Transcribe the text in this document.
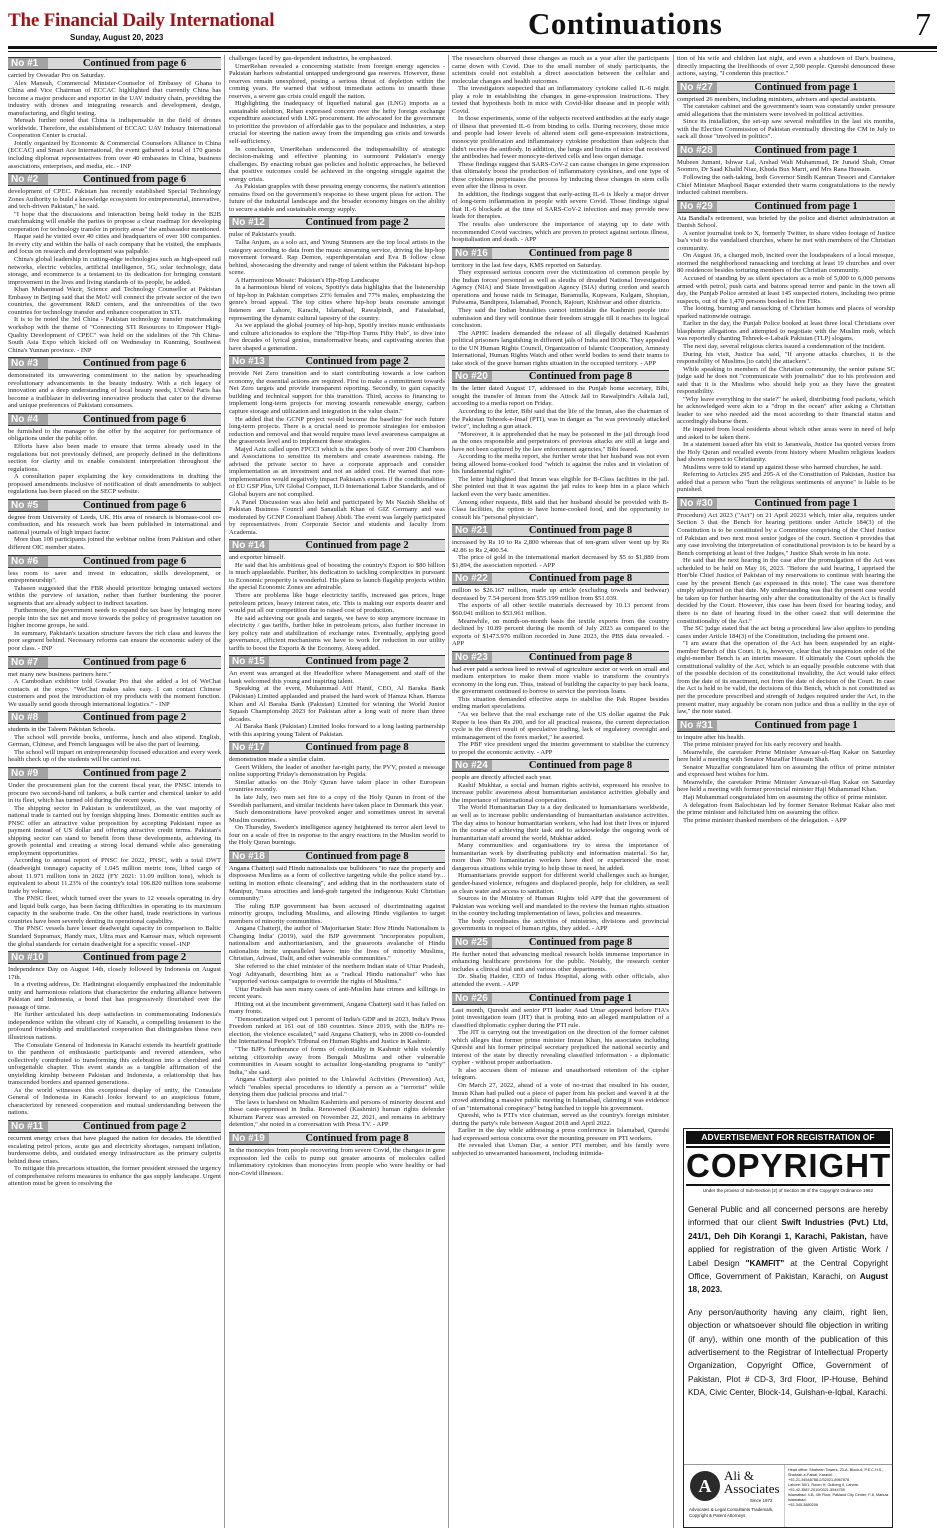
The Financial Daily International
Sunday, August 20, 2023	Continuations	7
No #1	Continued from page 6

carried by Oswadar Pro on Saturday.

Alex Mansuh, Commercial Minister-Counselor of Embassy of Ghana to China and Vice Chairman of ECCAC highlighted that currently China has become a major producer and exporter in the UAV industry chain, providing the industry with drones and integrating research and development, design, manufacturing, and flight testing.

Mensah further noted that China is indispensable in the field of drones worldwide. Therefore, the establishment of ECCAC UAV Industry International Cooperation Center is crucial.

Jointly organized by Economic & Commercial Counselors Alliance in China (ECCAC) and Smart Ace International, the event gathered a total of 170 guests including diplomat representatives from over 40 embassies in China, business associations, enterprises, and media, etc. - INP

No #2	Continued from page 6

development of CPEC. Pakistan has recently established Special Technology Zones Authority to build a knowledge ecosystem for entrepreneurial, innovative, and tech-driven Pakistan," he said.

"I hope that the discussions and interaction being held today in the B2B matchmaking will enable the parties to propose a clear roadmap for developing cooperation for technology transfer in priority areas" the ambassador mentioned.

Haque said he visited over 40 cities and headquarters of over 100 companies. In every city and within the halls of each company that he visited, the emphasis and focus on research and development was palpable.

China's global leadership in cutting-edge technologies such as high-speed rail networks, electric vehicles, artificial intelligence, 5G, solar technology, data storage, and ecommerce is a testament to its dedication for bringing constant improvement in the lives and living standards of its people, he added.

Khan Muhammad Wazir, Science and Technology Counsellor at Pakistan Embassy in Beijing said that the MoU will connect the private sector of the two countries, the government R&D centers, and the universities of the two countries for technology transfer and enhance cooperation in STI.

It is to be noted the 3rd China - Pakistan technology transfer matchmaking workshop with the theme of "Connecting STI Resources to Empower High-Quality Development of CPEC" was held on the sidelines of the 7th China-South Asia Expo which kicked off on Wednesday in Kunming, Southwest China's Yunnan province. - INP

No #3	Continued from page 6

demonstrated its unwavering commitment to the nation by spearheading revolutionary advancements in the beauty industry. With a rich legacy of innovation and a deep understanding of local beauty needs, L'Oréal Paris has become a trailblazer in delivering innovative products that cater to the diverse and unique preferences of Pakistani consumers.

No #4	Continued from page 6

be furnished to the manager to the offer by the acquirer for performance of obligations under the public offer.

Efforts have also been made to ensure that terms already used in the regulations but not previously defined, are properly defined in the definitions section for clarity and to enable consistent interpretation throughout the regulations.

A consultation paper explaining the key considerations in drafting the proposed amendments inclusive of notification of draft amendments to subject regulations has been placed on the SECP website.

No #5	Continued from page 6

degree from University of Leeds, UK. His area of research is biomass-cool co-combustion, and his research work has been published in international and national journals of high impact factor.

More than 100 participants joined the webinar online from Pakistan and other different OIC member states.

No #6	Continued from page 6

less room to save and invest in education, skills development, or entrepreneurship".

Tahseen suggested that the FBR should prioritize bringing untaxed sectors within the purview of taxation, rather than further burdening the poorer segments that are already subject to indirect taxation.

Furthermore, the government needs to expand the tax base by bringing more people into the tax net and move towards the policy of progressive taxation on higher income groups, he said.

In summary, Pakistan's taxation structure favors the rich class and leaves the poor segment behind. Necessary reforms can ensure the economic safety of the poor class. - INP

No #7	Continued from page 6

met many new business partners here."

A Cambodian exhibitor told Gwadar Pro that she added a lot of WeChat contacts at the expo. "WeChat makes sales easy. I can contact Chinese customers and post the introduction of my products with the moment function. We usually send goods through international logistics." - INP

No #8	Continued from page 2

students in the Taleem Pakistan Schools.

The school will provide books, uniforms, lunch and also stipend. English, German, Chinese, and French languages will be also the part of learning.

The school will impart on entrepreneurship focused education and every week health check up of the students will be carried out.

No #9	Continued from page 2

Under the procurement plan for the current fiscal year, the PNSC intends to procure two second-hand oil tankers, a bulk carrier and chemical tanker to add in its fleet, which has turned old during the recent years.

The shipping sector in Pakistan is underutilized, as the vast majority of national trade is carried out by foreign shipping lines. Domestic entities such as PNSC offer an attractive value proposition by accepting Pakistani rupee as payment instead of US dollar and offering attractive credit terms. Pakistan's shipping sector can stand to benefit from these developments, achieving its growth potential and creating a strong local demand while also generating employment opportunities.

According to annual report of PNSC for 2022, PNSC, with a total DWT (deadweight tonnage) capacity of 1.045 million metric tons, lifted cargo of about 11.971 million tons in 2022 (FY 2021: 11.09 million tons), which is equivalent to about 11.23% of the country's total 106.820 million tons seaborne trade by volume.

The PNSC fleet, which turned over the years to 12 vessels operating in dry and liquid bulk cargo, has been facing difficulties in operating to its maximum capacity in the seaborne trade. On the other hand, trade restrictions in various countries have been severely denting its operational capability.

The PNSC vessels have lesser deadweight capacity in comparison to Baltic Standard Supramax, Handy max, Ultra max and Kamsar max, which represent the global standards for certain deadweight for a specific vessel.-INP

No #10	Continued from page 2

Independence Day on August 14th, closely followed by Indonesia on August 17th.

In a riveting address, Dr. Hadiningrat eloquently emphasized the indomitable unity and harmonious relations that characterize the enduring alliance between Pakistan and Indonesia, a bond that has progressively flourished over the passage of time.

He further articulated his deep satisfaction in commemorating Indonesia's independence within the vibrant city of Karachi, a compelling testament to the profound friendship and multifaceted cooperation that distinguishes these two illustrious nations.

The Consulate General of Indonesia in Karachi extends its heartfelt gratitude to the pantheon of enthusiastic participants and revered attendees, who collectively contributed to transforming this celebration into a cherished and unforgettable chapter. This event stands as a tangible affirmation of the unyielding kinship between Pakistan and Indonesia, a relationship that has transcended borders and spanned generations.

As the world witnesses this exceptional display of unity, the Consulate General of Indonesia in Karachi looks forward to an auspicious future, characterized by renewed cooperation and mutual understanding between the nations.

No #11	Continued from page 2

recurrent energy crises that have plagued the nation for decades. He identified escalating petrol prices, acute gas and electricity shortages, rampant inflation, burdensome debts, and outdated energy infrastructure as the primary culprits behind these crises.

To mitigate this precarious situation, the former president stressed the urgency of comprehensive reform measures to enhance the gas supply landscape. Urgent attention must be given to resolving the

challenges faced by gas-dependent industries, he emphasized.

UmerRehan revealed a concerning statistic from foreign energy agencies - Pakistan harbors substantial untapped underground gas reserves. However, these reserves remain unexplored, posing a serious threat of depletion within the coming years. He warned that without immediate actions to unearth these reserves, a severe gas crisis could engulf the nation.

Highlighting the inadequacy of liquefied natural gas (LNG) imports as a sustainable solution, Rehan expressed concern over the hefty foreign exchange expenditure associated with LNG procurement. He advocated for the government to prioritize the provision of affordable gas to the populace and industries, a step crucial for steering the nation away from the impending gas crisis and towards self-sufficiency.

In conclusion, UmerRehan underscored the indispensability of strategic decision-making and effective planning to surmount Pakistan's energy challenges. By enacting robust gas policies and holistic approaches, he believed that positive outcomes could be achieved in the ongoing struggle against the energy crisis.

As Pakistan grapples with these pressing energy concerns, the nation's attention remains fixed on the government's response to these urgent pleas for action. The future of the industrial landscape and the broader economy hinges on the ability to secure a stable and sustainable energy supply.

No #12	Continued from page 2

pulse of Pakistan's youth.

Talha Anjum, as a solo act, and Young Stunners are the top local artists in the category according to data from the music streaming service, driving the hip-hop movement forward. Rap Demon, superduperstalan and Eva B follow close behind, showcasing the diversity and range of talent within the Pakistani hip-hop scene.

A Harmonious Mosaic: Pakistan's Hip-Hop Landscape

In a harmonious blend of voices, Spotify's data highlights that the listenership of hip-hop in Pakistan comprises 23% females and 77% males, emphasizing the genre's broad appeal. The top cities where hip-hop beats resonate amongst listeners are Lahore, Karachi, Islamabad, Rawalpindi, and Faisalabad, representing the dynamic cultural tapestry of the country.

As we applaud the global journey of hip-hop, Spotify invites music enthusiasts and culture aficionados to explore the "Hip-Hop Turns Fifty Hub", to dive into five decades of lyrical genius, transformative beats, and captivating stories that have shaped a generation.

No #13	Continued from page 2

provide Net Zero transition and to start contributing towards a low carbon economy, the essential actions are required. First to make a commitment towards Net Zero targets and provide transparent reporting. Secondly, to gain capacity building and technical support for this transition. Third, access to financing to implement long-term projects for moving towards renewable energy, carbon capture storage and utilization and integration in the value chain."

He added that the GCNP project would become the baseline for such future long-term projects. There is a crucial need to promote strategies for emission reduction and removal and that would require mass level awareness campaigns at the grassroots level and to implement these strategies.

Majyd Aziz called upon FPCCI which is the apex body of over 200 Chambers and Associations to sensitize its members and create awareness raising. He advised the private sector to have a corporate approach and consider implementation as an investment and not an added cost. He warned that non-implementation would negatively impact Pakistan's exports if the conditionalities of EU GSP Plus, UN Global Compact, ILO International Labor Standards, and of Global buyers are not complied.

A Panel Discussion was also held and participated by Ms Nazish Shekha of Pakistan Business Council and Sanaullah Khan of GIZ Germany and was moderated by GCNP Consultant Dabeej Abidi. The event was largely participated by representatives from Corporate Sector and students and faculty from Academia.

No #14	Continued from page 2

and exporter himself.

He said that his ambitious goal of boosting the country's Export to $80 billion is much applaudable. Further, his dedication to tackling complexities in pursuant to Economic prosperity is wonderful. His plans to launch flagship projects within the special Economic Zones are admirable.

There are problems like huge electricity tariffs, increased gas prices, huge petroleum prices, heavy interest rates, etc. This is making our exports dearer and would put all our competition due to raised cost of production.

He said achieving our goals and targets, we have to stop anymore increase in electricity / gas tariffs, further hike in petroleum prices, also further increase in key policy rate and stabilization of exchange rates. Eventually, applying good governance, efficient mechanisms we have to work for reduction in our utility tariffs to boost the Exports & the Economy, Ateeq added.

No #15	Continued from page 2

An event was arranged at the Headoffice where Management and staff of the bank welcomed this young and inspiring talent.

Speaking at the event, Muhammad Atif Hanif, CEO, Al Baraka Bank (Pakistan) Limited applauded and praised the hard work of Hamza Khan. Hamza Khan and Al Baraka Bank (Pakistan) Limited for winning the World Junior Squash Championship 2023 for Pakistan after a long wait of more than three decades.

Al Baraka Bank (Pakistan) Limited looks forward to a long lasting partnership with this aspiring young Talent of Pakistan.

No #17	Continued from page 8

demonstration made a similar claim.

Geert Wilders, the leader of another far-right party, the PVV, posted a message online supporting Friday's demonstration by Pegida.

Similar attacks on the Holy Quran have taken place in other European countries recently.

In late July, two men set fire to a copy of the Holy Quran in front of the Swedish parliament, and similar incidents have taken place in Denmark this year.

Such demonstrations have provoked anger and sometimes unrest in several Muslim countries.

On Thursday, Sweden's intelligence agency heightened its terror alert level to four on a scale of five in response to the angry reactions in the Muslim world to the Holy Quran burnings.

No #18	Continued from page 8

Angana Chatterji said Hindu nationalists use bulldozers "to raze the property and dispossess Muslims as a form of collective targeting while the police stand by... setting in motion ethnic cleansing", and adding that in the northeastern state of Manipur, "mass atrocities and land-grab targeted the indigenous Kuki Christian community."

The ruling BJP government has been accused of discriminating against minority groups, including Muslims, and allowing Hindu vigilantes to target members of minority communities.

Angana Chatterji, the author of 'Majoritarian State: How Hindu Nationalism is Changing India' (2019), said the BJP government "incorporates populism, nationalism and authoritarianism, and the grassroots avalanche of Hindu nationalists incite unparalleled havoc into the lives of minority Muslims, Christian, Adivasi, Dalit, and other vulnerable communities."

She referred to the chief minister of the northern Indian state of Uttar Pradesh, Yogi Adityanath, describing him as a "radical Hindu nationalist" who has "supported various campaigns to override the rights of Muslims."

Uttar Pradesh has seen many cases of anti-Muslim hate crimes and killings in recent years.

Hitting out at the incumbent government, Angana Chatterji said it has failed on many fronts.

"Demonetization wiped out 1 percent of India's GDP and in 2023, India's Press Freedom ranked at 161 out of 180 countries. Since 2019, with the BJP's re-election, the violence escalated," said Angana Chatterji, who in 2008 co-founded the International People's Tribunal on Human Rights and Justice in Kashmir.

"The BJP's furtherance of forms of coloniality in Kashmir while violently seizing citizenship away from Bengali Muslims and other vulnerable communities in Assam sought to actualize long-standing programs to "unify" India," she said.

Angana Chatterji also pointed to the Unlawful Activities (Prevention) Act, which "enables special procedures to identify a person as a "terrorist" while denying them due judicial process and trial."

The laws is harshest on Muslim Kashmiris and persons of minority descent and those caste-oppressed in India. Renowned (Kashmiri) human rights defender Khurram Parvez was arrested on November 22, 2021, and remains in arbitrary detention," she noted in a conversation with Press TV. - APP

No #19	Continued from page 8

In the monocytes from people recovering from severe Covid, the changes in gene expression led the cells to pump out greater amounts of molecules called inflammatory cytokines than monocytes from people who were healthy or had non-Covid illnesses.

The researchers observed these changes as much as a year after the participants came down with Covid. Due to the small number of study participants, the scientists could not establish a direct association between the cellular and molecular changes and health outcomes.

The investigators suspected that an inflammatory cytokine called IL-6 might play a role in establishing the changes in gene-expression instructions. They tested that hypothesis both in mice with Covid-like disease and in people with Covid.

In those experiments, some of the subjects received antibodies at the early stage of illness that prevented IL-6 from binding to cells. During recovery, those mice and people had lower levels of altered stem cell gene-expression instructions, monocyte proliferation and inflammatory cytokine production than subjects that didn't receive the antibody. In addition, the lungs and brains of mice that received the antibodies had fewer monocyte-derived cells and less organ damage.

These findings suggest that SARS-CoV-2 can cause changes in gene expression that ultimately boost the production of inflammatory cytokines, and one type of those cytokines perpetuates the process by inducing these changes in stem cells even after the illness is over.

In addition, the findings suggest that early-acting IL-6 is likely a major driver of long-term inflammation in people with severe Covid. Those findings signal that IL-6 blockade at the time of SARS-CoV-2 infection and may provide new leads for therapies.

The results also underscore the importance of staying up to date with recommended Covid vaccines, which are proven to protect against serious illness, hospitalisation and death. - APP

No #16	Continued from page 8

territory in the last few days, KMS reported on Saturday.

They expressed serious concern over the victimization of common people by the Indian forces' personnel as well as sleuths of dreaded National Investigation Agency (NIA) and State Investigation Agency (SIA) during cordon and search operations and house raids in Srinagar, Baramulla, Kupwara, Kulgam, Shopian, Pulwama, Bandipora, Islamabad, Poonch, Rajouri, Kishtwar and other districts.

They said the Indian brutalities cannot intimidate the Kashmiri people into submission and they will continue their freedom struggle till it reaches its logical conclusion.

The APHC leaders demanded the release of all illegally detained Kashmiri political prisoners languishing in different jails of India and IIOJK. They appealed to the UN Human Rights Council, Organization of Islamic Cooperation, Amnesty International, Human Rights Watch and other world bodies to send their teams to take stock of the grave human rights situation in the occupied territory. - APP

No #20	Continued from page 8

In the letter dated August 17, addressed to the Punjab home secretary, Bibi, sought the transfer of Imran from the Attock Jail to Rawalpindi's Adiala Jail, according to a media report on Friday.

According to the letter, Bibi said that the life of the Imran, also the chairman of the Pakistan Tehreek-e-Insaf (PTI), was in danger as "he was previously attacked twice", including a gun attack.

"Moreover, it is apprehended that he may be poisoned in the jail through food as the ones responsible and perpetrators of previous attacks are still at large and have not been captured by the law enforcement agencies," Bibi feared.

According to the media report, she further wrote that her husband was not even being allowed home-cooked food "which is against the rules and in violation of his fundamental rights".

The letter highlighted that Imran was eligible for B-Class facilities in the jail. She pointed out that it was against the jail rules to keep him in a place which lacked even the very basic amenities.

Among other requests, Bibi said that her husband should be provided with B-Class facilities, the option to have home-cooked food, and the opportunity to consult his "personal physician".

No #21	Continued from page 8

increased by Rs 10 to Rs 2,800 whereas that of ten-gram silver went up by Rs 42.86 to Rs 2,400.54.

The price of gold in the international market decreased by $5 to $1,889 from $1,894, the association reported. - APP

No #22	Continued from page 8

million to $26.167 million, made up article (excluding towels and bedwear) decreased by 7.54 percent from $55.199 million from $51.039.

The exports of all other textile materials decreased by 10.13 percent from $60.041 million to $53.961 million.

Meanwhile, on month-on-month basis the textile exports from the country declined by 10.89 percent during the month of July 2023 as compared to the exports of $1473.976 million recorded in June 2023, the PBS data revealed. - APP

No #23	Continued from page 8

had ever paid a serious heed to revival of agriculture sector or work on small and medium enterprises to make them more viable to transform the country's economy in the long run. Thus, instead of building the capacity to pay back loans, the government continued to borrow to service the previous loans.

This situation demanded effective steps to stabilise the Pak Rupee besides ending market speculations.

"As we believe that the real exchange rate of the US dollar against the Pak Rupee is less than Rs 200, and for all practical reasons, the current depreciation cycle is the direct result of speculative trading, lack of regulatory oversight and mismanagement of the forex market," he asserted.

The PBF vice president urged the interim government to stabilise the currency to propel the economic activity. - APP

No #24	Continued from page 8

people are directly affected each year.

Kashif Mukhtar, a social and human rights activist, expressed his resolve to increase public awareness about humanitarian assistance activities globally and the importance of international cooperation.

The World Humanitarian Day is a day dedicated to humanitarians worldwide, as well as to increase public understanding of humanitarian assistance activities. The day aims to honour humanitarian workers, who had lost their lives or injured in the course of achieving their task and to acknowledge the ongoing work of humanitarian staff around the world, Mukhtar added.

Many communities and organisations try to stress the importance of humanitarian work by distributing publicity and information material. So far, more than 700 humanitarian workers have died or experienced the most dangerous situations while trying to help those in need, he added.

Humanitarians provide support for different world challenges such as hunger, gender-based violence, refugees and displaced people, help for children, as well as clean water and access to sanitation.

Sources in the Ministry of Human Rights told APP that the government of Pakistan was working well and mandated to the review the human rights situation in the country including implementation of laws, policies and measures.

The body coordinates the activities of ministries, divisions and provincial governments in respect of human rights, they added. - APP

No #25	Continued from page 8

He further noted that advancing medical research holds immense importance in enhancing healthcare provisions for the public. Notably, the research center includes a clinical trial unit and various other departments.

Dr. Shafiq Haider, CEO of Indus Hospital, along with other officials, also attended the event. - APP

No #26	Continued from page 1

Last month, Qureshi and senior PTI leader Asad Umar appeared before FIA's joint investigation team (JIT) that is probing into an alleged manipulation of a classified diplomatic cypher during the PTI rule.

The JIT is carrying out the investigation on the direction of the former cabinet which alleges that former prime minister Imran Khan, his associates including Qureshi and his former principal secretary prejudiced the national security and interest of the state by directly revealing classified information - a diplomatic cypher - without proper authorisation.

It also accuses them of misuse and unauthorised retention of the cipher telegram.

On March 27, 2022, ahead of a vote of no-trust that resulted in his ouster, Imran Khan had pulled out a piece of paper from his pocket and waved it at the crowd attending a massive public meeting in Islamabad, claiming it was evidence of an "international conspiracy" being hatched to topple his government.

Qureshi, who is PTI's vice chairman, served as the country's foreign minister during the party's rule between August 2018 and April 2022.

Earlier in the day while addressing a press conference in Islamabad, Qureshi had expressed serious concerns over the mounting pressure on PTI workers.

He revealed that Usman Dar, a senior PTI member, and his family were subjected to unwarranted harassment, including intimida-

tion of his wife and children last night, and even a shutdown of Dar's business, directly impacting the livelihoods of over 2,500 people. Qureshi denounced these actions, saying, "I condemn this practice."

No #27	Continued from page 1

comprised 26 members, including ministers, advisers and special assistants.

The caretaker cabinet and the government's team was constantly under pressure amid allegations that the ministers were involved in political activities.

Since its installation, the set-up saw several reshuffles in the last six months, with the Election Commission of Pakistan eventually directing the CM in July to sack all those "involved in politics".

No #28	Continued from page 1

Mubeen Jumani, Ishwar Lal, Arshad Wali Muhammad, Dr Junaid Shah, Omar Soomro, Dr Saad Khalid Niaz, Khuda Bux Marri, and Mrs Rana Hussain.

Following the oath-taking, both Governor Sindh Kamran Tessori and Caretaker Chief Minister Maqbool Baqar extended their warm congratulations to the newly inducted cabinet members.

No #29	Continued from page 1

Ata Bandial's retirement, was briefed by the police and district administration at Danish School.

A senior journalist took to X, formerly Twitter, to share video footage of Justice Isa's visit to the vandalised churches, where he met with members of the Christian community.

On August 16, a charged mob, incited over the loudspeakers of a local mosque, stormed the neighborhood ransacking and torching at least 19 churches and over 80 residences besides torturing members of the Christian community.

Accused of standing by as silent spectators as a mob of 5,000 to 6,000 persons armed with petrol, push carts and batons spread terror and panic in the town all day, the Punjab Police arrested at least 145 suspected rioters, including two prime suspects, out of the 1,470 persons booked in five FIRs.

The looting, burning and ransacking of Christian homes and places of worship sparked nationwide outrage.

Earlier in the day, the Punjab Police booked at least three local Christians over blasphemy allegations and attempted to negotiate with the Muslim mob, which was reportedly chanting Tehreek-e-Labaik Pakistan (TLP) slogans.

The next day, several religious clerics issued a condemnation of the incident.

During his visit, Justice Isa said, "If anyone attacks churches, it is the responsibility of Muslims [to catch] the attackers".

While speaking to members of the Christian community, the senior puisne SC judge said he does not "communicate with journalists" due to his profession and said that it is the Muslims who should help you as they have the greatest responsibility.

"Why leave everything to the state?" he asked, distributing food packets, which he acknowledged were akin to a "drop in the ocean" after asking a Christian leader to see who needed aid the most according to their financial status and accordingly disburse them.

He inquired from local residents about which other areas were in need of help and asked to be taken there.

In a statement issued after his visit to Jaranwala, Justice Isa quoted verses from the Holy Quran and recalled events from history where Muslim religious leaders had shown respect to Christianity.

Muslims were told to stand up against those who harmed churches, he said.

Referring to Articles 295 and 295-A of the Constitution of Pakistan, Justice Isa added that a person who "hurt the religious sentiments of anyone" is liable to be punished.

No #30	Continued from page 1

Procedure) Act 2023 ("Act") on 21 April 20231 which, inter alia, requires under Section 3 that the Bench for hearing petitions under Article 184(3) of the Constitution is to be constituted by a Committee comprising of the Chief Justice of Pakistan and two next most senior judges of the court. Section 4 provides that any case involving the interpretation of constitutional provision is to be heard by a Bench comprising at least of five Judges," Justice Shah wrote in his note.

He said that the next hearing in the case after the promulgation of the Act was scheduled to be held on May 16, 2023. "Before the said hearing, I apprised the Hon'ble Chief Justice of Pakistan of my reservations to continue with hearing the case by the present Bench (as expressed in this note). The case was therefore simply adjourned on that date. My understanding was that the present case would be taken up for further hearing only after the constitutionality of the Act is finally decided by the Court. However, this case has been fixed for hearing today, and there is no date of hearing fixed in the other case2 that will determine the constitutionality of the Act."

The SC judge stated that the act being a procedural law also applies to pending cases under Article 184(3) of the Constitution, including the present one.

"I am aware that the operation of the Act has been suspended by an eight-member Bench of this Court. It is, however, clear that the suspension order of the eight-member Bench is an interim measure. If ultimately the Court upholds the constitutional validity of the Act, which is an equally possible outcome with that of the possible decision of its constitutional invalidity, the Act would take effect from the date of its enactment, not from the date of decision of the Court. In case the Act is held to be valid, the decisions of this Bench, which is not constituted as per the procedure prescribed and strength of Judges required under the Act, in the present matter, may arguably be coram non judice and thus a nullity in the eye of law," the note stated.

No #31	Continued from page 1

to inquire after his health.

The prime minister prayed for his early recovery and health.

Meanwhile, the caretaker Prime Minister Anwaar-ul-Haq Kakar on Saturday here held a meeting with Senator Muzaffar Hussain Shah.

Senator Muzaffar congratulated him on assuming the office of prime minister and expressed best wishes for him.

Meanwhile, the caretaker Prime Minister Anwaar-ul-Haq Kakar on Saturday here held a meeting with former provincial minister Haji Muhammad Khan.

Haji Muhammad congratulated him on assuming the office of prime minister.

A delegation from Balochistan led by former Senator Rehmat Kakar also met the prime minister and felicitated him on assuming the office.

The prime minister thanked members of the delegation. - APP

ADVERTISEMENT FOR REGISTRATION OF
COPYRIGHT
Under the proviso of Sub-Section (2) of Section 39 of the Copyright Ordinance 1962
General Public and all concerned persons are hereby informed that our client Swift Industries (Pvt.) Ltd, 241/1, Deh Dih Korangi 1, Karachi, Pakistan, have applied for registration of the given Artistic Work / Label Design "KAMFIT" at the Central Copyright Office, Government of Pakistan, Karachi, on August 18, 2023.
Any person/authority having any claim, right lien, objection or whatsoever should file objection in writing (if any), within one month of the publication of this advertisement to the Registrar of Intellectual Property Organization, Copyright Office, Government of Pakistan, Plot # CD-3, 3rd Floor, IP-House, Behind KDA, Civic Center, Block-14, Gulshan-e-Iqbal, Karachi.
A
Ali &
Associates
Since 1972
Advocates & Legal Consultants Trademark, Copyright & Patent Attorneys
Head office: Shaheen Towers, 23-A, Block-6, P.E.C.H.S., Shahrah-e-Faisal, Karachi.
+92-21-34548788-2/32021-8967878
Lahore: 50/1, Room H, Gulberg II, Lahore.
+92-42-3587-2010/0321-5544759
Islamabad: 4-B, 4th Floor, Pakland City Center, F-8, Markaz Islamabad.
+92-340-3880206
